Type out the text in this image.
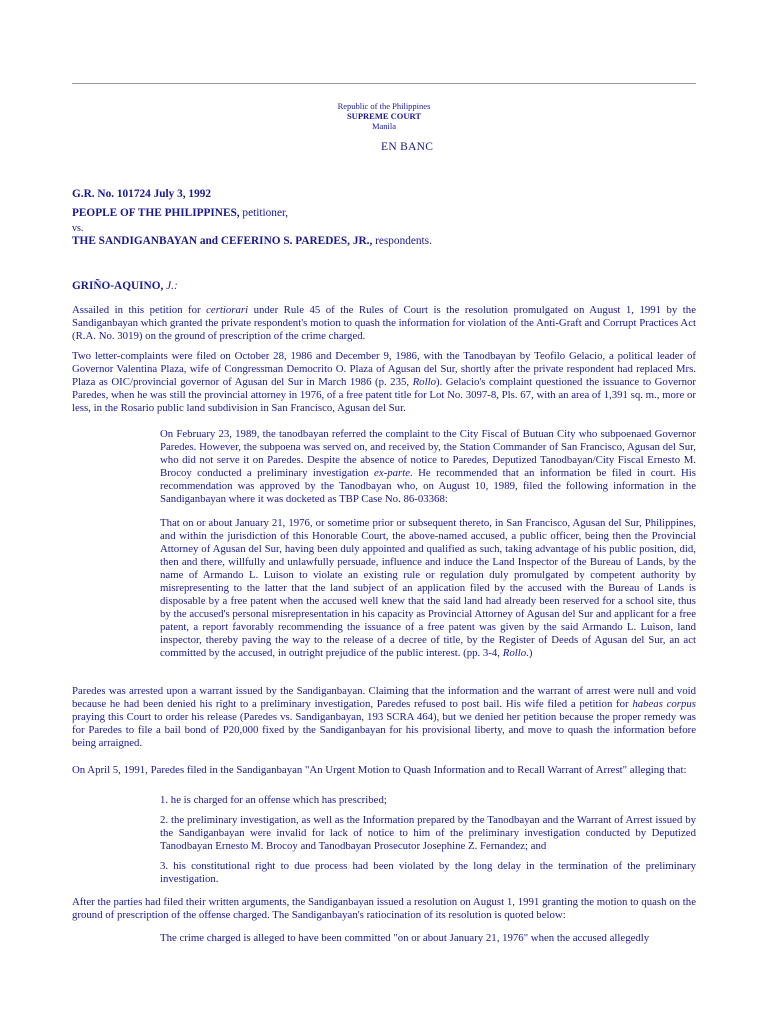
Republic of the Philippines
SUPREME COURT
Manila
EN BANC
G.R. No. 101724 July 3, 1992
PEOPLE OF THE PHILIPPINES, petitioner,
vs.
THE SANDIGANBAYAN and CEFERINO S. PAREDES, JR., respondents.
GRIÑO-AQUINO, J.:

Assailed in this petition for certiorari under Rule 45 of the Rules of Court is the resolution promulgated on August 1, 1991 by the Sandiganbayan which granted the private respondent's motion to quash the information for violation of the Anti-Graft and Corrupt Practices Act (R.A. No. 3019) on the ground of prescription of the crime charged.

Two letter-complaints were filed on October 28, 1986 and December 9, 1986, with the Tanodbayan by Teofilo Gelacio, a political leader of Governor Valentina Plaza, wife of Congressman Democrito O. Plaza of Agusan del Sur, shortly after the private respondent had replaced Mrs. Plaza as OIC/provincial governor of Agusan del Sur in March 1986 (p. 235, Rollo). Gelacio's complaint questioned the issuance to Governor Paredes, when he was still the provincial attorney in 1976, of a free patent title for Lot No. 3097-8, Pls. 67, with an area of 1,391 sq. m., more or less, in the Rosario public land subdivision in San Francisco, Agusan del Sur.

On February 23, 1989, the tanodbayan referred the complaint to the City Fiscal of Butuan City who subpoenaed Governor Paredes. However, the subpoena was served on, and received by, the Station Commander of San Francisco, Agusan del Sur, who did not serve it on Paredes. Despite the absence of notice to Paredes, Deputized Tanodbayan/City Fiscal Ernesto M. Brocoy conducted a preliminary investigation ex-parte. He recommended that an information be filed in court. His recommendation was approved by the Tanodbayan who, on August 10, 1989, filed the following information in the Sandiganbayan where it was docketed as TBP Case No. 86-03368:

That on or about January 21, 1976, or sometime prior or subsequent thereto, in San Francisco, Agusan del Sur, Philippines, and within the jurisdiction of this Honorable Court, the above-named accused, a public officer, being then the Provincial Attorney of Agusan del Sur, having been duly appointed and qualified as such, taking advantage of his public position, did, then and there, willfully and unlawfully persuade, influence and induce the Land Inspector of the Bureau of Lands, by the name of Armando L. Luison to violate an existing rule or regulation duly promulgated by competent authority by misrepresenting to the latter that the land subject of an application filed by the accused with the Bureau of Lands is disposable by a free patent when the accused well knew that the said land had already been reserved for a school site, thus by the accused's personal misrepresentation in his capacity as Provincial Attorney of Agusan del Sur and applicant for a free patent, a report favorably recommending the issuance of a free patent was given by the said Armando L. Luison, land inspector, thereby paving the way to the release of a decree of title, by the Register of Deeds of Agusan del Sur, an act committed by the accused, in outright prejudice of the public interest. (pp. 3-4, Rollo.)

Paredes was arrested upon a warrant issued by the Sandiganbayan. Claiming that the information and the warrant of arrest were null and void because he had been denied his right to a preliminary investigation, Paredes refused to post bail. His wife filed a petition for habeas corpus praying this Court to order his release (Paredes vs. Sandiganbayan, 193 SCRA 464), but we denied her petition because the proper remedy was for Paredes to file a bail bond of P20,000 fixed by the Sandiganbayan for his provisional liberty, and move to quash the information before being arraigned.

On April 5, 1991, Paredes filed in the Sandiganbayan "An Urgent Motion to Quash Information and to Recall Warrant of Arrest" alleging that:

1. he is charged for an offense which has prescribed;

2. the preliminary investigation, as well as the Information prepared by the Tanodbayan and the Warrant of Arrest issued by the Sandiganbayan were invalid for lack of notice to him of the preliminary investigation conducted by Deputized Tanodbayan Ernesto M. Brocoy and Tanodbayan Prosecutor Josephine Z. Fernandez; and

3. his constitutional right to due process had been violated by the long delay in the termination of the preliminary investigation.

After the parties had filed their written arguments, the Sandiganbayan issued a resolution on August 1, 1991 granting the motion to quash on the ground of prescription of the offense charged. The Sandiganbayan's ratiocination of its resolution is quoted below:

The crime charged is alleged to have been committed "on or about January 21, 1976" when the accused allegedly
